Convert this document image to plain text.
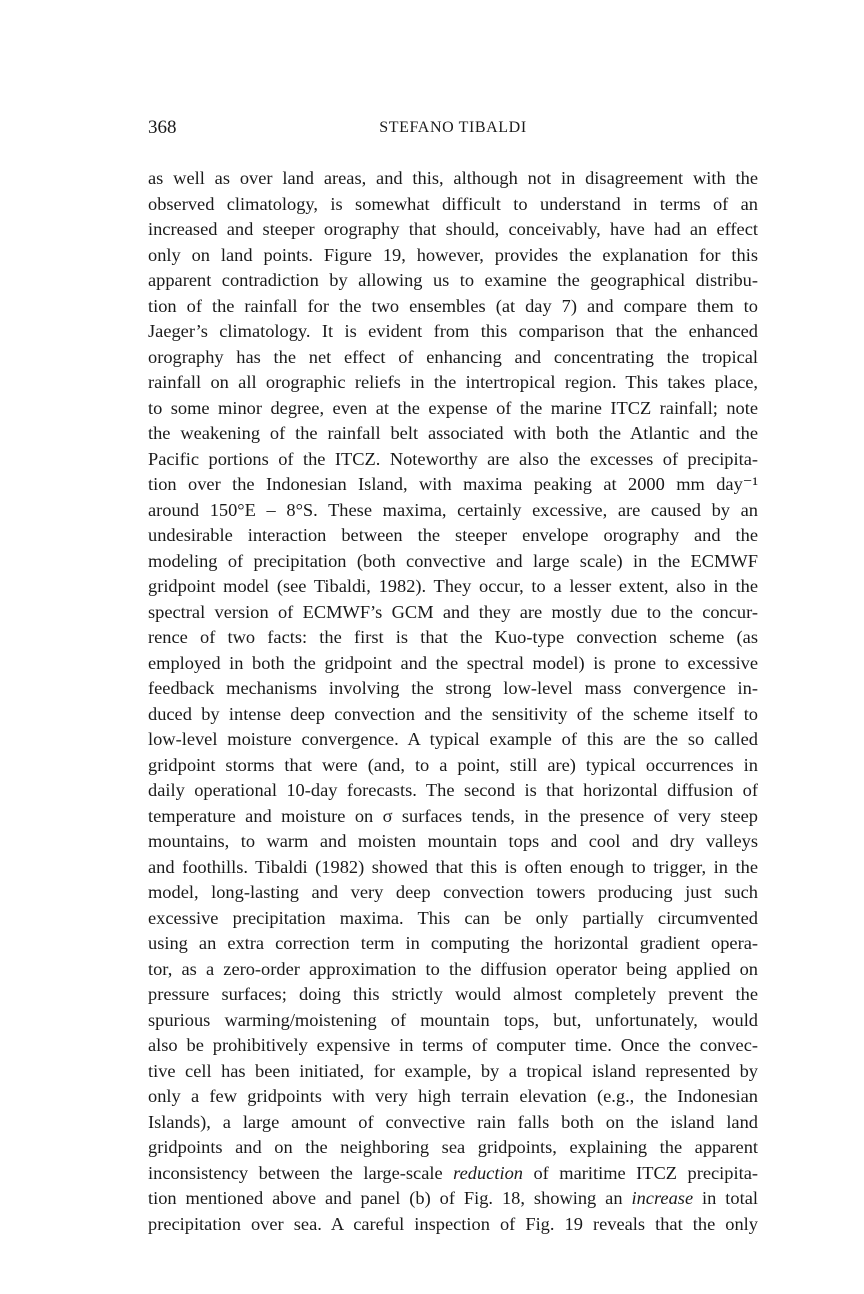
368	STEFANO TIBALDI
as well as over land areas, and this, although not in disagreement with the
observed climatology, is somewhat difficult to understand in terms of an
increased and steeper orography that should, conceivably, have had an effect
only on land points. Figure 19, however, provides the explanation for this
apparent contradiction by allowing us to examine the geographical distribu-
tion of the rainfall for the two ensembles (at day 7) and compare them to
Jaeger’s climatology. It is evident from this comparison that the enhanced
orography has the net effect of enhancing and concentrating the tropical
rainfall on all orographic reliefs in the intertropical region. This takes place,
to some minor degree, even at the expense of the marine ITCZ rainfall; note
the weakening of the rainfall belt associated with both the Atlantic and the
Pacific portions of the ITCZ. Noteworthy are also the excesses of precipita-
tion over the Indonesian Island, with maxima peaking at 2000 mm day⁻¹
around 150°E – 8°S. These maxima, certainly excessive, are caused by an
undesirable interaction between the steeper envelope orography and the
modeling of precipitation (both convective and large scale) in the ECMWF
gridpoint model (see Tibaldi, 1982). They occur, to a lesser extent, also in the
spectral version of ECMWF’s GCM and they are mostly due to the concur-
rence of two facts: the first is that the Kuo-type convection scheme (as
employed in both the gridpoint and the spectral model) is prone to excessive
feedback mechanisms involving the strong low-level mass convergence in-
duced by intense deep convection and the sensitivity of the scheme itself to
low-level moisture convergence. A typical example of this are the so called
gridpoint storms that were (and, to a point, still are) typical occurrences in
daily operational 10-day forecasts. The second is that horizontal diffusion of
temperature and moisture on σ surfaces tends, in the presence of very steep
mountains, to warm and moisten mountain tops and cool and dry valleys
and foothills. Tibaldi (1982) showed that this is often enough to trigger, in the
model, long-lasting and very deep convection towers producing just such
excessive precipitation maxima. This can be only partially circumvented
using an extra correction term in computing the horizontal gradient opera-
tor, as a zero-order approximation to the diffusion operator being applied on
pressure surfaces; doing this strictly would almost completely prevent the
spurious warming/moistening of mountain tops, but, unfortunately, would
also be prohibitively expensive in terms of computer time. Once the convec-
tive cell has been initiated, for example, by a tropical island represented by
only a few gridpoints with very high terrain elevation (e.g., the Indonesian
Islands), a large amount of convective rain falls both on the island land
gridpoints and on the neighboring sea gridpoints, explaining the apparent
inconsistency between the large-scale reduction of maritime ITCZ precipita-
tion mentioned above and panel (b) of Fig. 18, showing an increase in total
precipitation over sea. A careful inspection of Fig. 19 reveals that the only
